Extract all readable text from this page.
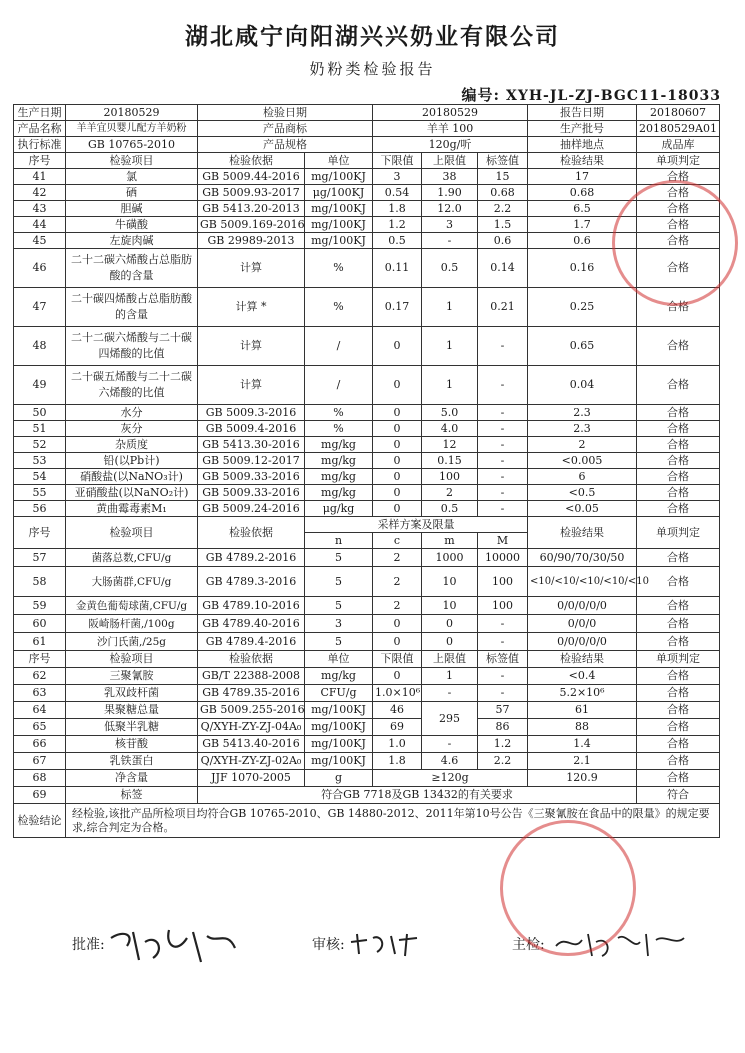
湖北咸宁向阳湖兴兴奶业有限公司
奶粉类检验报告
编号: XYH-JL-ZJ-BGC11-18033
生产日期	20180529	检验日期		20180529			报告日期	20180607
产品名称	羊羊宜贝婴儿配方羊奶粉	产品商标		羊羊 100			生产批号	20180529A01
执行标准	GB 10765-2010	产品规格		120g/听			抽样地点	成品库
序号	检验项目	检验依据	单位	下限值	上限值	标签值	检验结果	单项判定
41	氯	GB 5009.44-2016	mg/100KJ	3	38	15	17	合格
42	硒	GB 5009.93-2017	μg/100KJ	0.54	1.90	0.68	0.68	合格
43	胆碱	GB 5413.20-2013	mg/100KJ	1.8	12.0	2.2	6.5	合格
44	牛磺酸	GB 5009.169-2016	mg/100KJ	1.2	3	1.5	1.7	合格
45	左旋肉碱	GB 29989-2013	mg/100KJ	0.5	-	0.6	0.6	合格
46	二十二碳六烯酸占总脂肪酸的含量	计算	%	0.11	0.5	0.14	0.16	合格
47	二十碳四烯酸占总脂肪酸的含量	计算 *	%	0.17	1	0.21	0.25	合格
48	二十二碳六烯酸与二十碳四烯酸的比值	计算	/	0	1	-	0.65	合格
49	二十碳五烯酸与二十二碳六烯酸的比值	计算	/	0	1	-	0.04	合格
50	水分	GB 5009.3-2016	%	0	5.0	-	2.3	合格
51	灰分	GB 5009.4-2016	%	0	4.0	-	2.3	合格
52	杂质度	GB 5413.30-2016	mg/kg	0	12	-	2	合格
53	铅(以Pb计)	GB 5009.12-2017	mg/kg	0	0.15	-	<0.005	合格
54	硝酸盐(以NaNO₃计)	GB 5009.33-2016	mg/kg	0	100	-	6	合格
55	亚硝酸盐(以NaNO₂计)	GB 5009.33-2016	mg/kg	0	2	-	<0.5	合格
56	黄曲霉毒素M₁	GB 5009.24-2016	μg/kg	0	0.5	-	<0.05	合格
序号	检验项目	检验依据	采样方案及限量				检验结果	单项判定
			n	c	m	M		
57	菌落总数,CFU/g	GB 4789.2-2016	5	2	1000	10000	60/90/70/30/50	合格
58	大肠菌群,CFU/g	GB 4789.3-2016	5	2	10	100	<10/<10/<10/<10/<10	合格
59	金黄色葡萄球菌,CFU/g	GB 4789.10-2016	5	2	10	100	0/0/0/0/0	合格
60	阪崎肠杆菌,/100g	GB 4789.40-2016	3	0	0	-	0/0/0	合格
61	沙门氏菌,/25g	GB 4789.4-2016	5	0	0	-	0/0/0/0/0	合格
序号	检验项目	检验依据	单位	下限值	上限值	标签值	检验结果	单项判定
62	三聚氰胺	GB/T 22388-2008	mg/kg	0	1	-	<0.4	合格
63	乳双歧杆菌	GB 4789.35-2016	CFU/g	1.0×10⁶	-	-	5.2×10⁶	合格
64	果聚糖总量	GB 5009.255-2016	mg/100KJ	46	295	57	61	合格
65	低聚半乳糖	Q/XYH-ZY-ZJ-04A₀	mg/100KJ	69		86	88	合格
66	核苷酸	GB 5413.40-2016	mg/100KJ	1.0	-	1.2	1.4	合格
67	乳铁蛋白	Q/XYH-ZY-ZJ-02A₀	mg/100KJ	1.8	4.6	2.2	2.1	合格
68	净含量	JJF 1070-2005	g	≥120g			120.9	合格
69	标签	符合GB 7718及GB 13432的有关要求						符合
检验结论	经检验,该批产品所检项目均符合GB 10765-2010、GB 14880-2012、2011年第10号公告《三聚氰胺在食品中的限量》的规定要求,综合判定为合格。							
批准:	审核:	主检:
